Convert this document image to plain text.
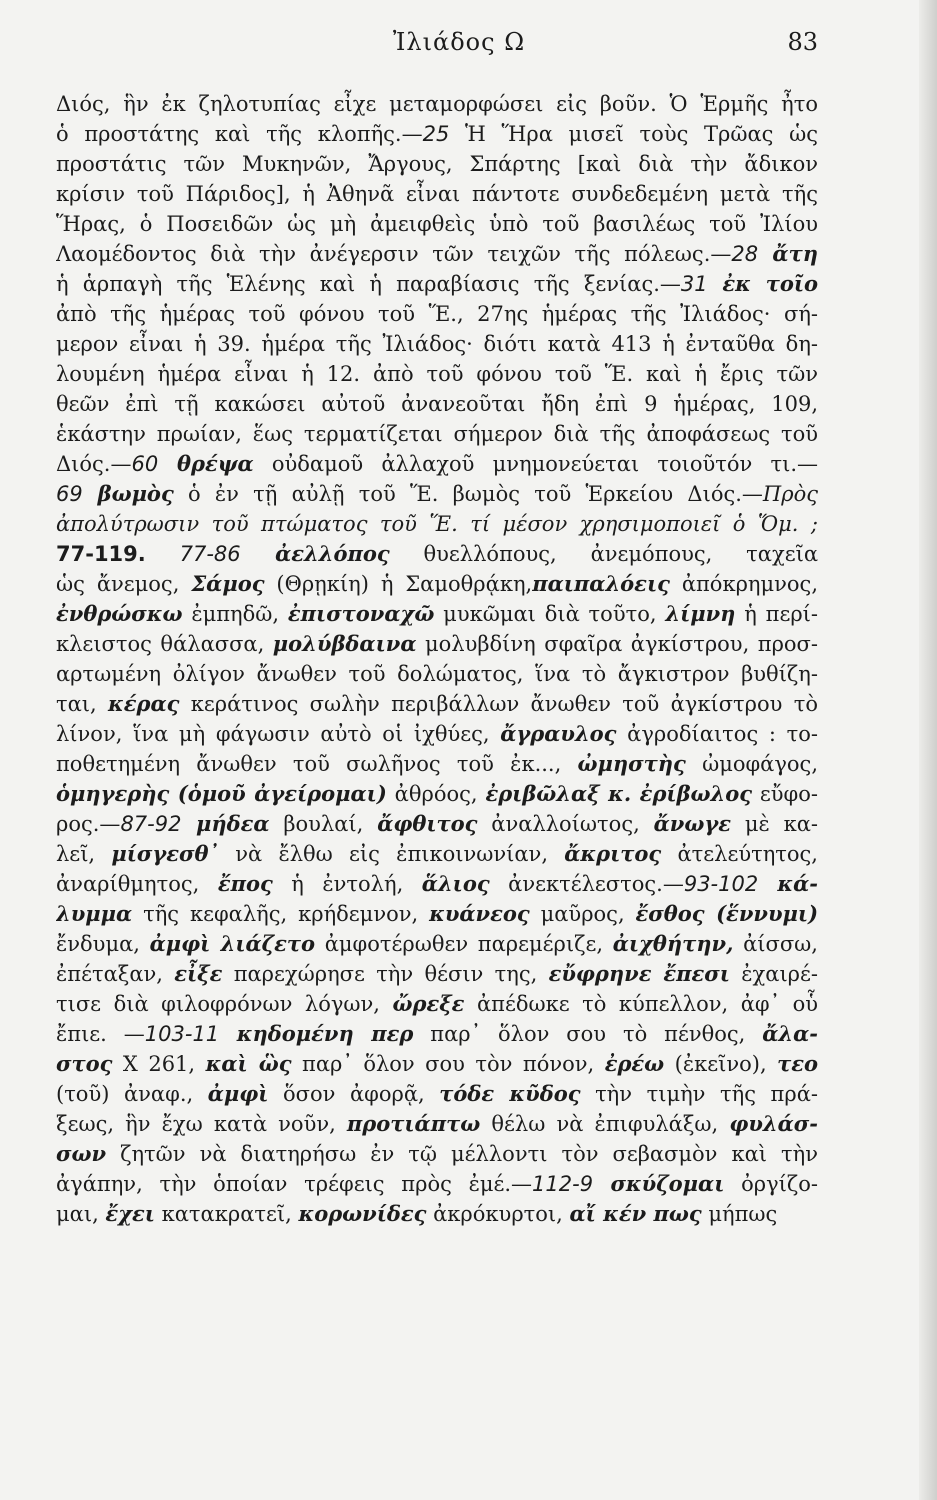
Ἰλιάδος Ω	83
Διός, ἣν ἐκ ζηλοτυπίας εἶχε μεταμορφώσει εἰς βοῦν. Ὁ Ἑρμῆς ἦτο
ὁ προστάτης καὶ τῆς κλοπῆς.—25 Ἡ Ἥρα μισεῖ τοὺς Τρῶας ὡς
προστάτις τῶν Μυκηνῶν, Ἄργους, Σπάρτης [καὶ διὰ τὴν ἄδικον
κρίσιν τοῦ Πάριδος], ἡ Ἀθηνᾶ εἶναι πάντοτε συνδεδεμένη μετὰ τῆς
Ἥρας, ὁ Ποσειδῶν ὡς μὴ ἀμειφθεὶς ὑπὸ τοῦ βασιλέως τοῦ Ἰλίου
Λαομέδοντος διὰ τὴν ἀνέγερσιν τῶν τειχῶν τῆς πόλεως.—28 ἄτη
ἡ ἁρπαγὴ τῆς Ἑλένης καὶ ἡ παραβίασις τῆς ξενίας.—31 ἐκ τοῖο
ἀπὸ τῆς ἡμέρας τοῦ φόνου τοῦ Ἕ., 27ης ἡμέρας τῆς Ἰλιάδος· σή-
μερον εἶναι ἡ 39. ἡμέρα τῆς Ἰλιάδος· διότι κατὰ 413 ἡ ἐνταῦθα δη-
λουμένη ἡμέρα εἶναι ἡ 12. ἀπὸ τοῦ φόνου τοῦ Ἕ. καὶ ἡ ἔρις τῶν
θεῶν ἐπὶ τῇ κακώσει αὐτοῦ ἀνανεοῦται ἤδη ἐπὶ 9 ἡμέρας, 109,
ἑκάστην πρωίαν, ἕως τερματίζεται σήμερον διὰ τῆς ἀποφάσεως τοῦ
Διός.—60 θρέψα οὐδαμοῦ ἀλλαχοῦ μνημονεύεται τοιοῦτόν τι.—
69 βωμὸς ὁ ἐν τῇ αὐλῇ τοῦ Ἕ. βωμὸς τοῦ Ἑρκείου Διός.—Πρὸς
ἀπολύτρωσιν τοῦ πτώματος τοῦ Ἕ. τί μέσον χρησιμοποιεῖ ὁ Ὅμ. ;
77-119. 77-86 ἀελλόπος θυελλόπους, ἀνεμόπους, ταχεῖα
ὡς ἄνεμος, Σάμος (Θρῃκίη) ἡ Σαμοθρᾴκη,παιπαλόεις ἀπόκρημνος,
ἐνθρώσκω ἐμπηδῶ, ἐπιστοναχῶ μυκῶμαι διὰ τοῦτο, λίμνη ἡ περί-
κλειστος θάλασσα, μολύβδαινα μολυβδίνη σφαῖρα ἀγκίστρου, προσ-
αρτωμένη ὀλίγον ἄνωθεν τοῦ δολώματος, ἵνα τὸ ἄγκιστρον βυθίζη-
ται, κέρας κεράτινος σωλὴν περιβάλλων ἄνωθεν τοῦ ἀγκίστρου τὸ
λίνον, ἵνα μὴ φάγωσιν αὐτὸ οἱ ἰχθύες, ἄγραυλος ἀγροδίαιτος : το-
ποθετημένη ἄνωθεν τοῦ σωλῆνος τοῦ ἐκ..., ὠμηστὴς ὠμοφάγος,
ὁμηγερὴς (ὁμοῦ ἀγείρομαι) ἀθρόος, ἐριβῶλαξ κ. ἐρίβωλος εὔφο-
ρος.—87-92 μήδεα βουλαί, ἄφθιτος ἀναλλοίωτος, ἄνωγε μὲ κα-
λεῖ, μίσγεσθ᾽ νὰ ἔλθω εἰς ἐπικοινωνίαν, ἄκριτος ἀτελεύτητος,
ἀναρίθμητος, ἔπος ἡ ἐντολή, ἅλιος ἀνεκτέλεστος.—93-102 κά-
λυμμα τῆς κεφαλῆς, κρήδεμνον, κυάνεος μαῦρος, ἔσθος (ἕννυμι)
ἔνδυμα, ἀμφὶ λιάζετο ἀμφοτέρωθεν παρεμέριζε, ἀιχθήτην, ἀίσσω,
ἐπέταξαν, εἶξε παρεχώρησε τὴν θέσιν της, εὔφρηνε ἔπεσι ἐχαιρέ-
τισε διὰ φιλοφρόνων λόγων, ὤρεξε ἀπέδωκε τὸ κύπελλον, ἀφ᾽ οὗ
ἔπιε. —103-11 κηδομένη περ παρ᾽ ὅλον σου τὸ πένθος, ἄλα-
στος Χ 261, καὶ ὣς παρ᾽ ὅλον σου τὸν πόνον, ἐρέω (ἐκεῖνο), τεο
(τοῦ) ἀναφ., ἀμφὶ ὅσον ἀφορᾷ, τόδε κῦδος τὴν τιμὴν τῆς πρά-
ξεως, ἣν ἔχω κατὰ νοῦν, προτιάπτω θέλω νὰ ἐπιφυλάξω, φυλάσ-
σων ζητῶν νὰ διατηρήσω ἐν τῷ μέλλοντι τὸν σεβασμὸν καὶ τὴν
ἀγάπην, τὴν ὁποίαν τρέφεις πρὸς ἐμέ.—112-9 σκύζομαι ὀργίζο-
μαι, ἔχει κατακρατεῖ, κορωνίδες ἀκρόκυρτοι, αἴ κέν πως μήπως
